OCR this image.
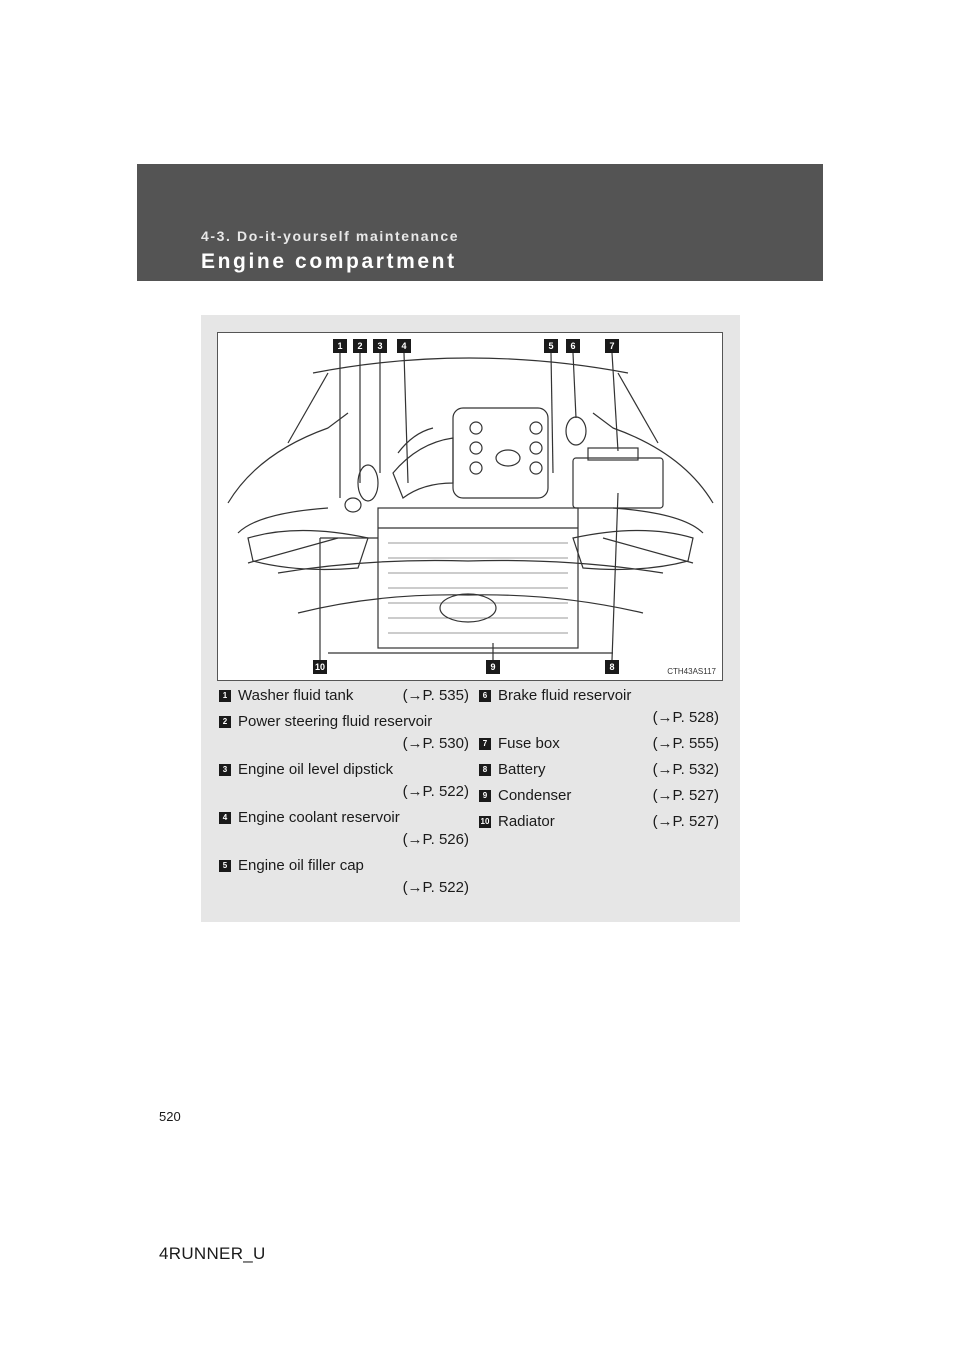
4-3. Do-it-yourself maintenance
Engine compartment
1	2	3	4	5	6	7
8
9
10	CTH43AS117
1 Washer fluid tank	(→P. 535)
2 Power steering fluid reservoir
(→P. 530)
3 Engine oil level dipstick
(→P. 522)
4 Engine coolant reservoir
(→P. 526)
5 Engine oil filler cap
(→P. 522)
6 Brake fluid reservoir
(→P. 528)
7 Fuse box	(→P. 555)
8 Battery	(→P. 532)
9 Condenser	(→P. 527)
10 Radiator	(→P. 527)
520
4RUNNER_U
